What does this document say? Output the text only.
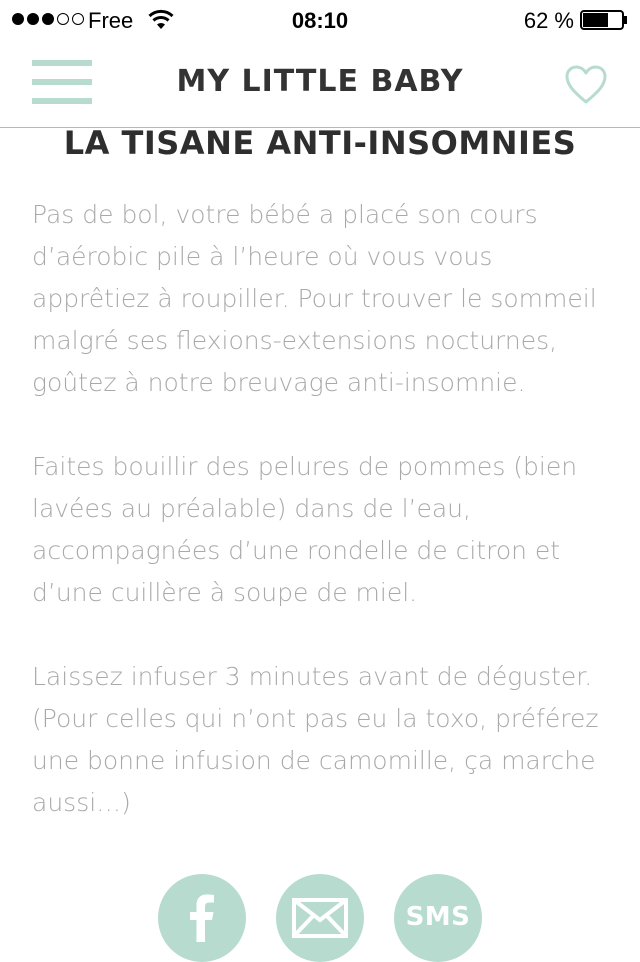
Free	08:10	62 %
MY LITTLE BABY
LA TISANE ANTI-INSOMNIES

Pas de bol, votre bébé a placé son cours d’aérobic pile à l’heure où vous vous apprêtiez à roupiller. Pour trouver le sommeil malgré ses flexions-extensions nocturnes, goûtez à notre breuvage anti-insomnie.

Faites bouillir des pelures de pommes (bien lavées au préalable) dans de l’eau, accompagnées d’une rondelle de citron et d’une cuillère à soupe de miel.

Laissez infuser 3 minutes avant de déguster. (Pour celles qui n’ont pas eu la toxo, préférez une bonne infusion de camomille, ça marche aussi…)

SMS
